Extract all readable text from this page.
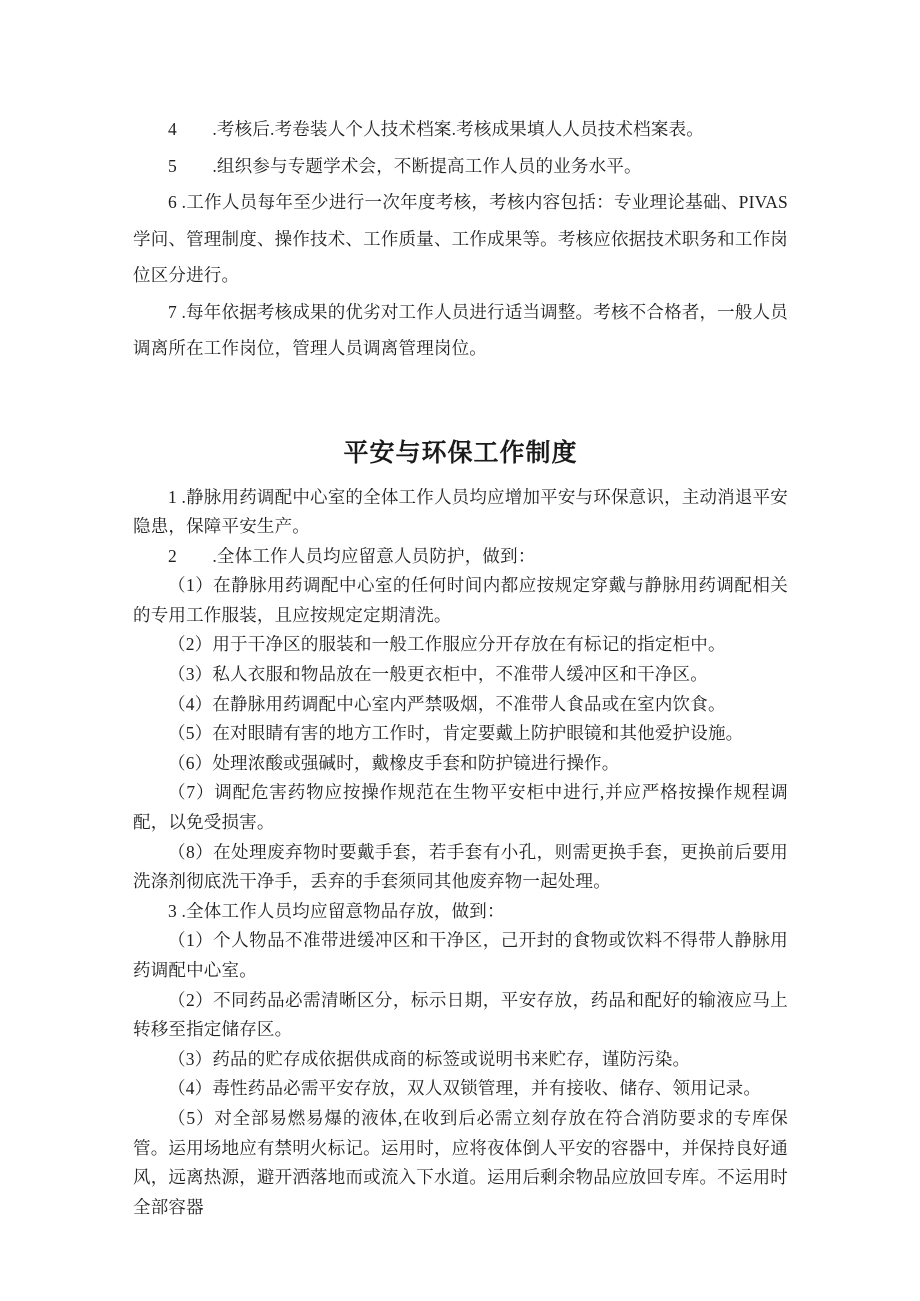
4　　.考核后.考卷装人个人技术档案.考核成果填人人员技术档案表。

5　　.组织参与专题学术会，不断提高工作人员的业务水平。

6 .工作人员每年至少进行一次年度考核，考核内容包括：专业理论基础、PIVAS学问、管理制度、操作技术、工作质量、工作成果等。考核应依据技术职务和工作岗位区分进行。

7 .每年依据考核成果的优劣对工作人员进行适当调整。考核不合格者，一般人员调离所在工作岗位，管理人员调离管理岗位。

平安与环保工作制度

1 .静脉用药调配中心室的全体工作人员均应增加平安与环保意识，主动消退平安隐患，保障平安生产。

2　　.全体工作人员均应留意人员防护，做到：

（1）在静脉用药调配中心室的任何时间内都应按规定穿戴与静脉用药调配相关的专用工作服装，且应按规定定期清洗。

（2）用于干净区的服装和一般工作服应分开存放在有标记的指定柜中。

（3）私人衣服和物品放在一般更衣柜中，不准带人缓冲区和干净区。

（4）在静脉用药调配中心室内严禁吸烟，不准带人食品或在室内饮食。

（5）在对眼睛有害的地方工作时，肯定要戴上防护眼镜和其他爱护设施。

（6）处理浓酸或强碱时，戴橡皮手套和防护镜进行操作。

（7）调配危害药物应按操作规范在生物平安柜中进行,并应严格按操作规程调配，以免受损害。

（8）在处理废弃物时要戴手套，若手套有小孔，则需更换手套，更换前后要用洗涤剂彻底洗干净手，丢弃的手套须同其他废弃物一起处理。

3 .全体工作人员均应留意物品存放，做到：

（1）个人物品不准带进缓冲区和干净区，己开封的食物或饮料不得带人静脉用药调配中心室。

（2）不同药品必需清晰区分，标示日期，平安存放，药品和配好的输液应马上转移至指定储存区。

（3）药品的贮存成依据供成商的标签或说明书来贮存，谨防污染。

（4）毒性药品必需平安存放，双人双锁管理，并有接收、储存、领用记录。

（5）对全部易燃易爆的液体,在收到后必需立刻存放在符合消防要求的专库保管。运用场地应有禁明火标记。运用时，应将夜体倒人平安的容器中，并保持良好通风，远离热源，避开洒落地而或流入下水道。运用后剩余物品应放回专库。不运用时全部容器
